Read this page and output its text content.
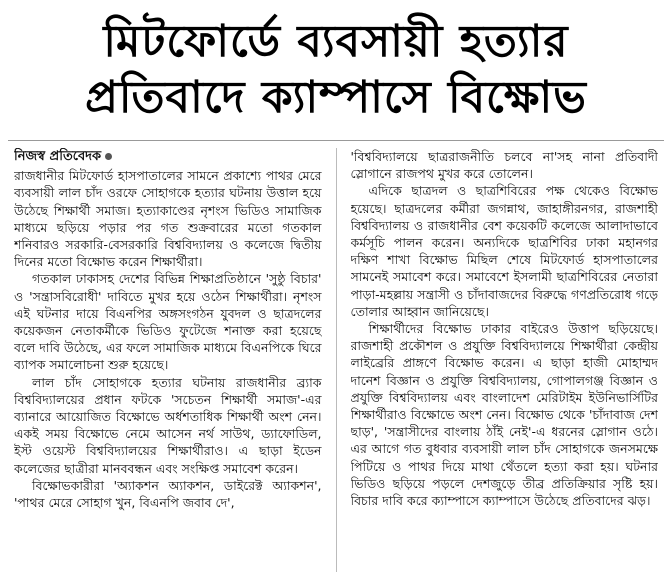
মিটফোর্ডে ব্যবসায়ী হত্যার
প্রতিবাদে ক্যাম্পাসে বিক্ষোভ
নিজস্ব প্রতিবেদক

রাজধানীর মিটফোর্ড হাসপাতালের সামনে প্রকাশ্যে পাথর মেরে ব্যবসায়ী লাল চাঁদ ওরফে সোহাগকে হত্যার ঘটনায় উত্তাল হয়ে উঠেছে শিক্ষার্থী সমাজ। হত্যাকাণ্ডের নৃশংস ভিডিও সামাজিক মাধ্যমে ছড়িয়ে পড়ার পর গত শুক্রবারের মতো গতকাল শনিবারও সরকারি-বেসরকারি বিশ্ববিদ্যালয় ও কলেজে দ্বিতীয় দিনের মতো বিক্ষোভ করেন শিক্ষার্থীরা।

গতকাল ঢাকাসহ দেশের বিভিন্ন শিক্ষাপ্রতিষ্ঠানে 'সুষ্ঠু বিচার' ও 'সন্ত্রাসবিরোধী' দাবিতে মুখর হয়ে ওঠেন শিক্ষার্থীরা। নৃশংস এই ঘটনার দায়ে বিএনপির অঙ্গসংগঠন যুবদল ও ছাত্রদলের কয়েকজন নেতাকর্মীকে ভিডিও ফুটেজে শনাক্ত করা হয়েছে বলে দাবি উঠেছে, এর ফলে সামাজিক মাধ্যমে বিএনপিকে ঘিরে ব্যাপক সমালোচনা শুরু হয়েছে।

লাল চাঁদ সোহাগকে হত্যার ঘটনায় রাজধানীর ব্র্যাক বিশ্ববিদ্যালয়ের প্রধান ফটকে 'সচেতন শিক্ষার্থী সমাজ'-এর ব্যানারে আয়োজিত বিক্ষোভে অর্ধশতাধিক শিক্ষার্থী অংশ নেন। একই সময় বিক্ষোভে নেমে আসেন নর্থ সাউথ, ড্যাফোডিল, ইস্ট ওয়েস্ট বিশ্ববিদ্যালয়ের শিক্ষার্থীরাও। এ ছাড়া ইডেন কলেজের ছাত্রীরা মানববন্ধন এবং সংক্ষিপ্ত সমাবেশ করেন।

বিক্ষোভকারীরা 'অ্যাকশন অ্যাকশন, ডাইরেক্ট অ্যাকশন', 'পাথর মেরে সোহাগ খুন, বিএনপি জবাব দে',

'বিশ্ববিদ্যালয়ে ছাত্ররাজনীতি চলবে না'সহ নানা প্রতিবাদী স্লোগানে রাজপথ মুখর করে তোলেন।

এদিকে ছাত্রদল ও ছাত্রশিবিরের পক্ষ থেকেও বিক্ষোভ হয়েছে। ছাত্রদলের কর্মীরা জগন্নাথ, জাহাঙ্গীরনগর, রাজশাহী বিশ্ববিদ্যালয় ও রাজধানীর বেশ কয়েকটি কলেজে আলাদাভাবে কর্মসূচি পালন করেন। অন্যদিকে ছাত্রশিবির ঢাকা মহানগর দক্ষিণ শাখা বিক্ষোভ মিছিল শেষে মিটফোর্ড হাসপাতালের সামনেই সমাবেশ করে। সমাবেশে ইসলামী ছাত্রশিবিরের নেতারা পাড়া-মহল্লায় সন্ত্রাসী ও চাঁদাবাজদের বিরুদ্ধে গণপ্রতিরোধ গড়ে তোলার আহ্বান জানিয়েছে।

শিক্ষার্থীদের বিক্ষোভ ঢাকার বাইরেও উত্তাপ ছড়িয়েছে। রাজশাহী প্রকৌশল ও প্রযুক্তি বিশ্ববিদ্যালয়ে শিক্ষার্থীরা কেন্দ্রীয় লাইব্রেরি প্রাঙ্গণে বিক্ষোভ করেন। এ ছাড়া হাজী মোহাম্মদ দানেশ বিজ্ঞান ও প্রযুক্তি বিশ্ববিদ্যালয়, গোপালগঞ্জ বিজ্ঞান ও প্রযুক্তি বিশ্ববিদ্যালয় এবং বাংলাদেশ মেরিটাইম ইউনিভার্সিটির শিক্ষার্থীরাও বিক্ষোভে অংশ নেন। বিক্ষোভ থেকে 'চাঁদাবাজ দেশ ছাড়', 'সন্ত্রাসীদের বাংলায় ঠাঁই নেই'-এ ধরনের স্লোগান ওঠে। এর আগে গত বুধবার ব্যবসায়ী লাল চাঁদ সোহাগকে জনসমক্ষে পিটিয়ে ও পাথর দিয়ে মাথা থেঁতলে হত্যা করা হয়। ঘটনার ভিডিও ছড়িয়ে পড়লে দেশজুড়ে তীব্র প্রতিক্রিয়ার সৃষ্টি হয়। বিচার দাবি করে ক্যাম্পাসে ক্যাম্পাসে উঠেছে প্রতিবাদের ঝড়।
